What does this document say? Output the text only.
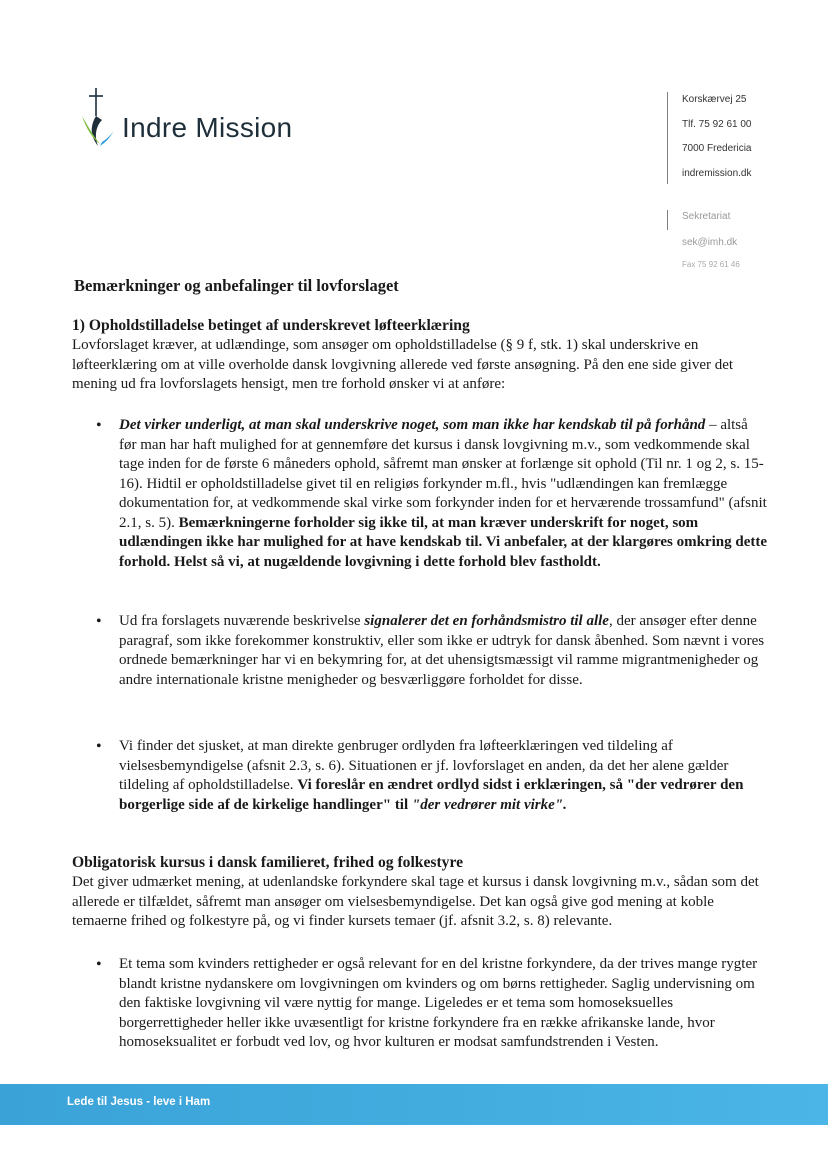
Indre Mission
Korskærvej 25
Tlf. 75 92 61 00
7000 Fredericia
indremission.dk
Sekretariat
sek@imh.dk
Fax 75 92 61 46
Bemærkninger og anbefalinger til lovforslaget
1) Opholdstilladelse betinget af underskrevet løfteerklæring

Lovforslaget kræver, at udlændinge, som ansøger om opholdstilladelse (§ 9 f, stk. 1) skal underskrive en løfteerklæring om at ville overholde dansk lovgivning allerede ved første ansøgning. På den ene side giver det mening ud fra lovforslagets hensigt, men tre forhold ønsker vi at anføre:

• Det virker underligt, at man skal underskrive noget, som man ikke har kendskab til på forhånd – altså før man har haft mulighed for at gennemføre det kursus i dansk lovgivning m.v., som vedkommende skal tage inden for de første 6 måneders ophold, såfremt man ønsker at forlænge sit ophold (Til nr. 1 og 2, s. 15-16). Hidtil er opholdstilladelse givet til en religiøs forkynder m.fl., hvis "udlændingen kan fremlægge dokumentation for, at vedkommende skal virke som forkynder inden for et herværende trossamfund" (afsnit 2.1, s. 5). Bemærkningerne forholder sig ikke til, at man kræver underskrift for noget, som udlændingen ikke har mulighed for at have kendskab til. Vi anbefaler, at der klargøres omkring dette forhold. Helst så vi, at nugældende lovgivning i dette forhold blev fastholdt.
• Ud fra forslagets nuværende beskrivelse signalerer det en forhåndsmistro til alle, der ansøger efter denne paragraf, som ikke forekommer konstruktiv, eller som ikke er udtryk for dansk åbenhed. Som nævnt i vores ordnede bemærkninger har vi en bekymring for, at det uhensigtsmæssigt vil ramme migrantmenigheder og andre internationale kristne menigheder og besværliggøre forholdet for disse.
• Vi finder det sjusket, at man direkte genbruger ordlyden fra løfteerklæringen ved tildeling af vielsesbemyndigelse (afsnit 2.3, s. 6). Situationen er jf. lovforslaget en anden, da det her alene gælder tildeling af opholdstilladelse. Vi foreslår en ændret ordlyd sidst i erklæringen, så "der vedrører den borgerlige side af de kirkelige handlinger" til "der vedrører mit virke".
Obligatorisk kursus i dansk familieret, frihed og folkestyre

Det giver udmærket mening, at udenlandske forkyndere skal tage et kursus i dansk lovgivning m.v., sådan som det allerede er tilfældet, såfremt man ansøger om vielsesbemyndigelse. Det kan også give god mening at koble temaerne frihed og folkestyre på, og vi finder kursets temaer (jf. afsnit 3.2, s. 8) relevante.

• Et tema som kvinders rettigheder er også relevant for en del kristne forkyndere, da der trives mange rygter blandt kristne nydanskere om lovgivningen om kvinders og om børns rettigheder. Saglig undervisning om den faktiske lovgivning vil være nyttig for mange. Ligeledes er et tema som homoseksuelles borgerrettigheder heller ikke uvæsentligt for kristne forkyndere fra en række afrikanske lande, hvor homoseksualitet er forbudt ved lov, og hvor kulturen er modsat samfundstrenden i Vesten.
Lede til Jesus - leve i Ham
